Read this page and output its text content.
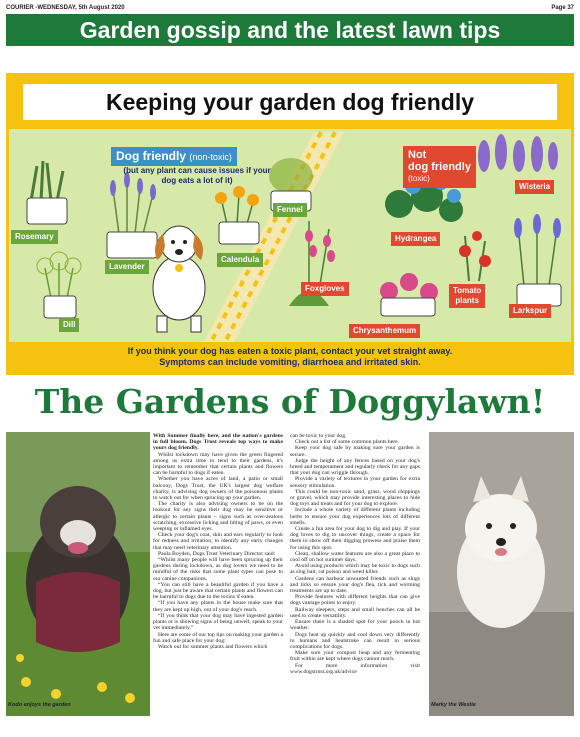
COURIER -WEDNESDAY, 5th August 2020	Page 37
Garden gossip and the latest lawn tips
Keeping your garden dog friendly
Dog friendly (non-toxic)
(but any plant can cause issues if your dog eats a lot of it)
Not
dog friendly
(toxic)
Rosemary
Lavender
Dill
Calendula
Fennel
Foxgloves
Hydrangea
Chrysanthemum
Wisteria
Tomato
plants
Larkspur
If you think your dog has eaten a toxic plant, contact your vet straight away.
Symptoms can include vomiting, diarrhoea and irritated skin.
The Gardens of Doggylawn!
Kodo enjoys the garden

With Summer finally here, and the nation's gardens in full bloom, Dogs Trust reveals top ways to make yours dog friendly.

Whilst lockdown may have given the green fingered among us extra time to tend to their gardens, it's important to remember that certain plants and flowers can be harmful to dogs if eaten.

Whether you have acres of land, a patio or small balcony, Dogs Trust, the UK's largest dog welfare charity, is advising dog owners of the poisonous plants to watch out for when sprucing up your garden.

The charity is also advising owners to be on the lookout for any signs their dog may be sensitive or allergic to certain plants – signs such as over-zealous scratching, excessive licking and biting of paws, or even weeping or inflamed eyes.

Check your dog's coat, skin and ears regularly to look for redness and irritation, to identify any early changes that may need veterinary attention.

Paula Boyden, Dogs Trust Veterinary Director said:

“Whilst many people will have been sprucing up their gardens during lockdown, as dog lovers we need to be mindful of the risks that some plant types can pose to our canine companions.

“You can still have a beautiful garden if you have a dog, but just be aware that certain plants and flowers can be harmful to dogs due to the toxins if eaten.

“If you have any plants in the house make sure that they are kept up high, out of your dog's reach.

“If you think that your dog may have ingested garden plants or is showing signs of being unwell, speak to your vet immediately.”

Here are some of our top tips on making your garden a fun and safe place for your dog:

Watch out for summer plants and flowers which

can be toxic to your dog.

Check out a list of some common plants here.

Keep your dog safe by making sure your garden is secure.

Judge the height of any fences based on your dog's breed and temperament and regularly check for any gaps that your dog can wriggle through.

Provide a variety of textures in your garden for extra sensory stimulation.

This could be non-toxic sand, grass, wood chippings or gravel, which may provide interesting places to hide dog toys and treats and for your dog to explore.

Include a whole variety of different plants including herbs to ensure your dog experiences lots of different smells.

Create a fun area for your dog to dig and play. If your dog loves to dig to uncover things, create a space for them to show off their digging prowess and praise them for using this spot.

Clean, shallow water features are also a great place to cool off on hot summer days.

Avoid using products which may be toxic to dogs such as slug bait, rat poison and weed killer.

Gardens can harbour unwanted friends such as slugs and ticks so ensure your dog's flea, tick and worming treatments are up to date.

Provide features with different heights that can give dogs vantage points to enjoy.

Railway sleepers, steps and small benches can all be used to create versatility.

Ensure there is a shaded spot for your pooch in hot weather.

Dogs heat up quickly and cool down very differently to humans and heatstroke can result in serious complications for dogs.

Make sure your compost heap and any fermenting fruit within are kept where dogs cannot reach.

For more information visit www.dogstrust.org.uk/advice

Marky the Westie
